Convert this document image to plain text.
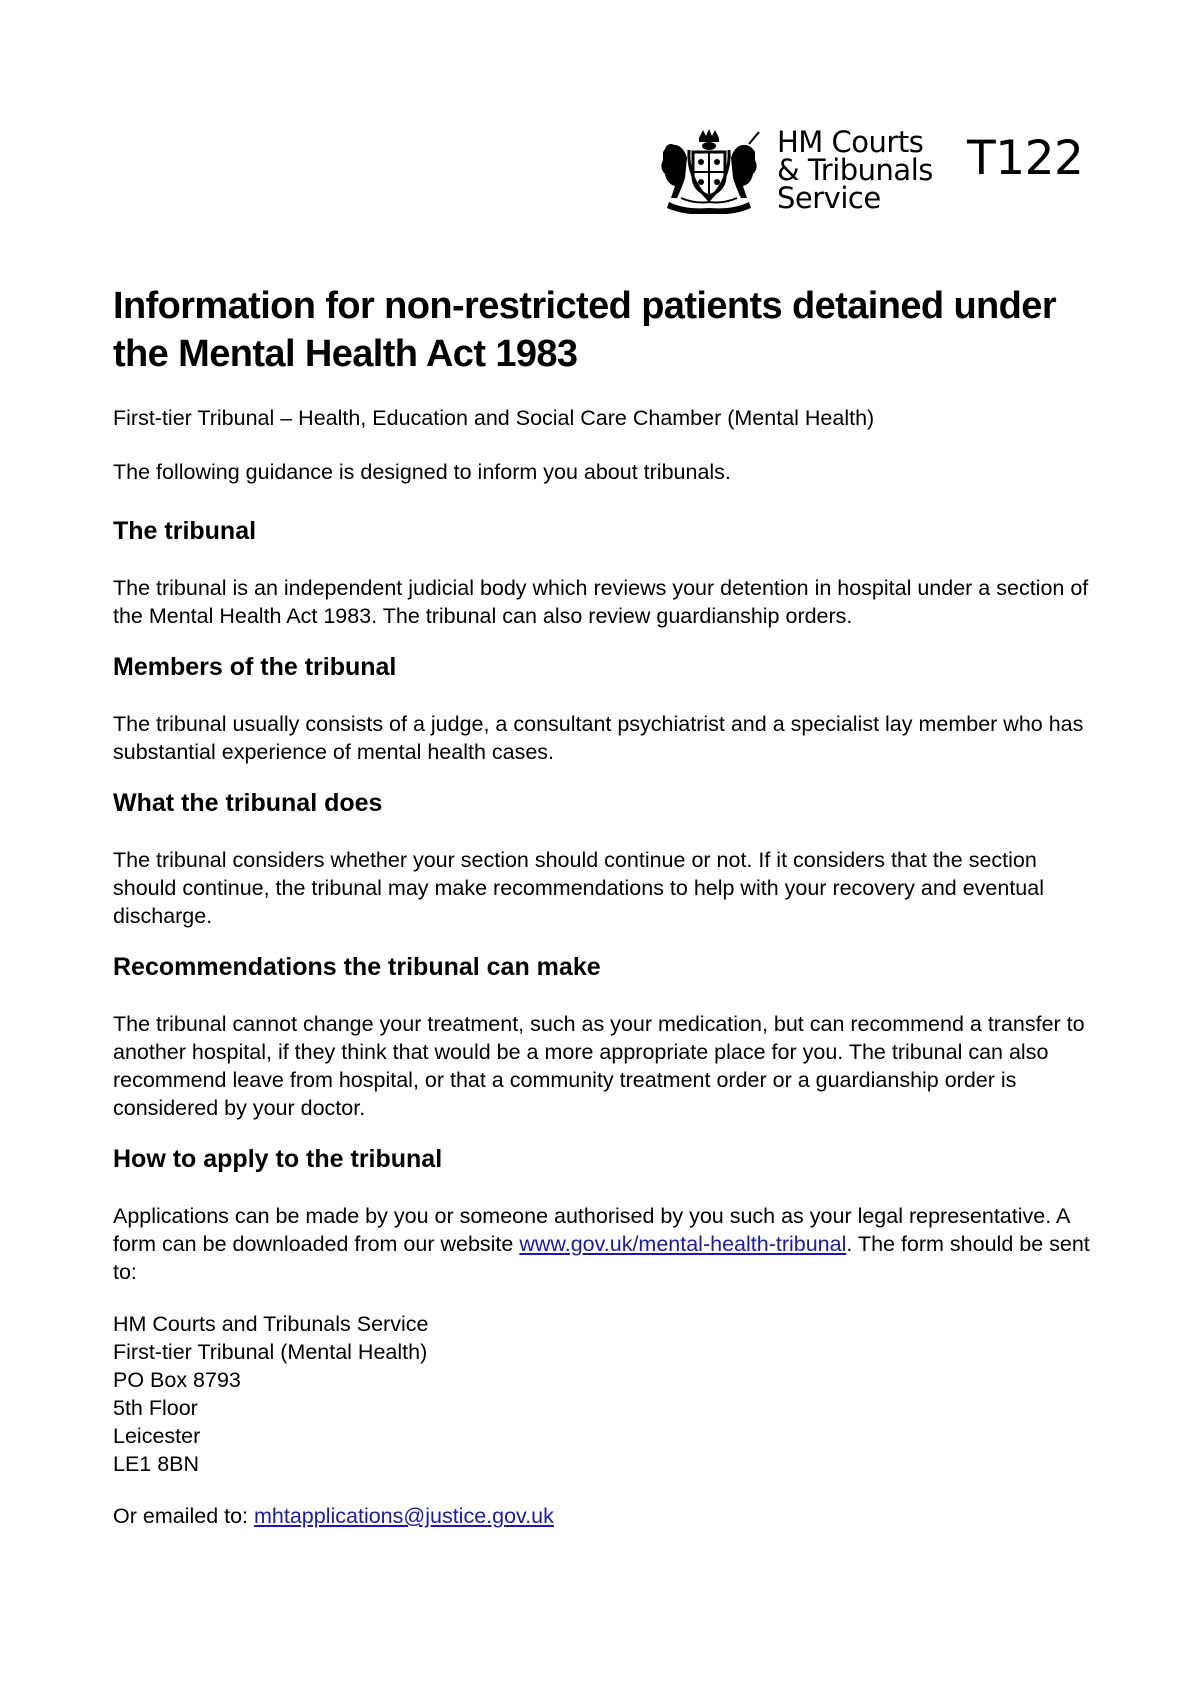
HM Courts
& Tribunals
Service
T122
Information for non-restricted patients detained under the Mental Health Act 1983

First-tier Tribunal – Health, Education and Social Care Chamber (Mental Health)

The following guidance is designed to inform you about tribunals.

The tribunal

The tribunal is an independent judicial body which reviews your detention in hospital under a section of the Mental Health Act 1983. The tribunal can also review guardianship orders.

Members of the tribunal

The tribunal usually consists of a judge, a consultant psychiatrist and a specialist lay member who has substantial experience of mental health cases.

What the tribunal does

The tribunal considers whether your section should continue or not. If it considers that the section should continue, the tribunal may make recommendations to help with your recovery and eventual discharge.

Recommendations the tribunal can make

The tribunal cannot change your treatment, such as your medication, but can recommend a transfer to another hospital, if they think that would be a more appropriate place for you. The tribunal can also recommend leave from hospital, or that a community treatment order or a guardianship order is considered by your doctor.

How to apply to the tribunal

Applications can be made by you or someone authorised by you such as your legal representative. A form can be downloaded from our website www.gov.uk/mental-health-tribunal. The form should be sent to:

HM Courts and Tribunals Service
First-tier Tribunal (Mental Health)
PO Box 8793
5th Floor
Leicester
LE1 8BN
Or emailed to: mhtapplications@justice.gov.uk
